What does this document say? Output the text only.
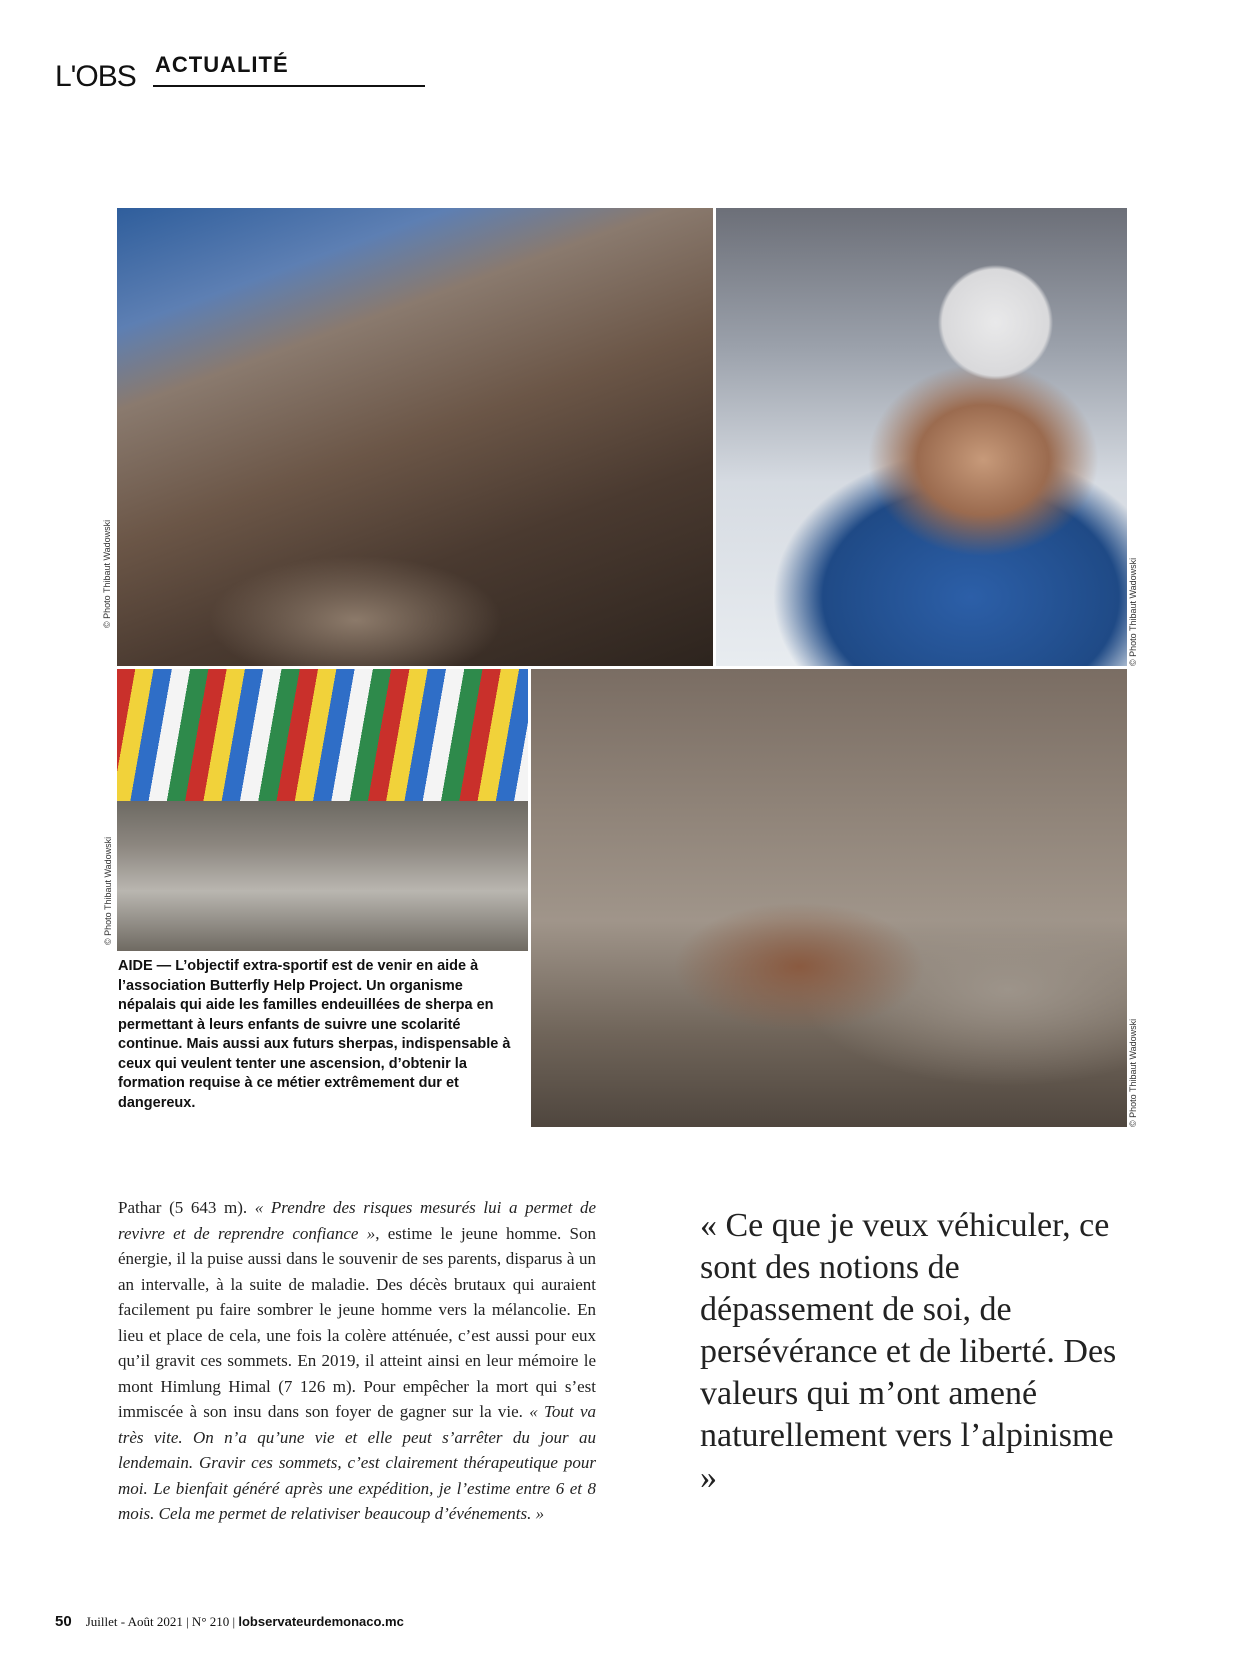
L'OBS ACTUALITÉ
© Photo Thibaut Wadowski	© Photo Thibaut Wadowski
© Photo Thibaut Wadowski
© Photo Thibaut Wadowski
AIDE — L’objectif extra-sportif est de venir en aide à l’association Butterfly Help Project. Un organisme népalais qui aide les familles endeuillées de sherpa en permettant à leurs enfants de suivre une scolarité continue. Mais aussi aux futurs sherpas, indispensable à ceux qui veulent tenter une ascension, d’obtenir la formation requise à ce métier extrêmement dur et dangereux.
Pathar (5 643 m). « Prendre des risques mesurés lui a permet de revivre et de reprendre confiance », estime le jeune homme. Son énergie, il la puise aussi dans le souvenir de ses parents, disparus à un an intervalle, à la suite de maladie. Des décès brutaux qui auraient facilement pu faire sombrer le jeune homme vers la mélancolie. En lieu et place de cela, une fois la colère atténuée, c’est aussi pour eux qu’il gravit ces sommets. En 2019, il atteint ainsi en leur mémoire le mont Himlung Himal (7 126 m). Pour empêcher la mort qui s’est immiscée à son insu dans son foyer de gagner sur la vie. « Tout va très vite. On n’a qu’une vie et elle peut s’arrêter du jour au lendemain. Gravir ces sommets, c’est clairement thérapeutique pour moi. Le bienfait généré après une expédition, je l’estime entre 6 et 8 mois. Cela me permet de relativiser beaucoup d’événements. »
« Ce que je veux véhiculer, ce sont des notions de dépassement de soi, de persévérance et de liberté. Des valeurs qui m’ont amené naturellement vers l’alpinisme »
50 Juillet - Août 2021 | N° 210 | lobservateurdemonaco.mc
